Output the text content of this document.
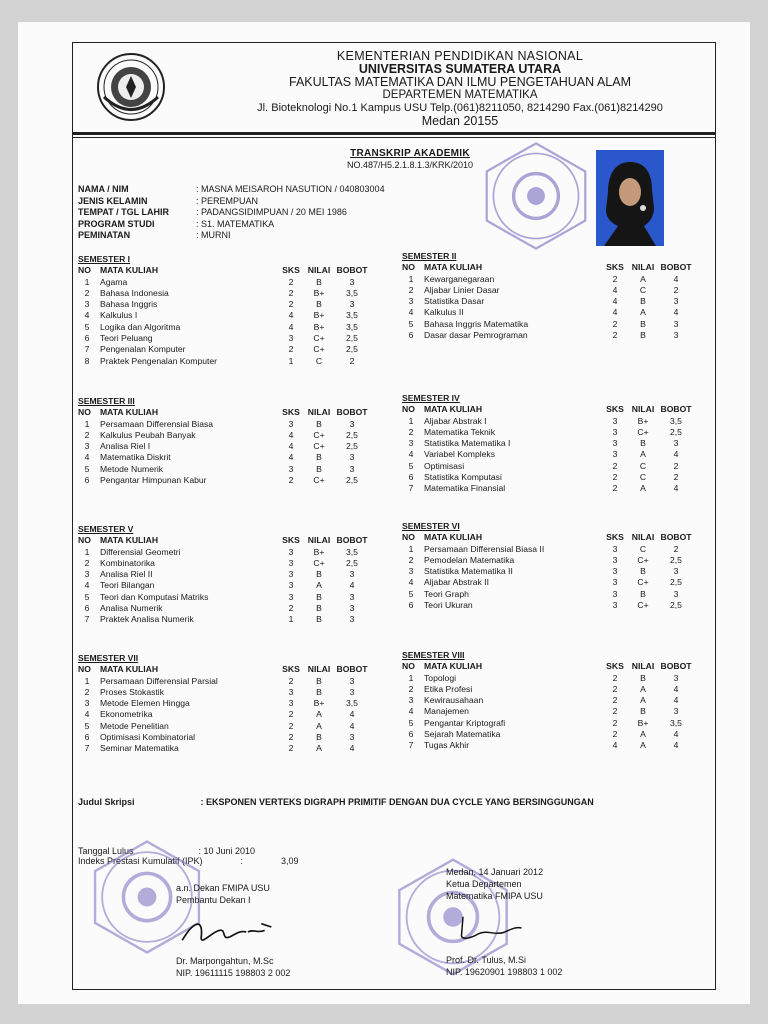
KEMENTERIAN PENDIDIKAN NASIONAL
UNIVERSITAS SUMATERA UTARA
FAKULTAS MATEMATIKA DAN ILMU PENGETAHUAN ALAM
DEPARTEMEN MATEMATIKA
Jl. Bioteknologi No.1 Kampus USU Telp.(061)8211050, 8214290 Fax.(061)8214290
Medan 20155
TRANSKRIP AKADEMIK
NO.487/H5.2.1.8.1.3/KRK/2010
NAMA / NIM	: MASNA MEISAROH NASUTION / 040803004
JENIS KELAMIN	: PEREMPUAN
TEMPAT / TGL LAHIR	: PADANGSIDIMPUAN / 20 MEI 1986
PROGRAM STUDI	: S1. MATEMATIKA
PEMINATAN	: MURNI
SEMESTER I
NO	MATA KULIAH	SKS NILAI BOBOT
1	Agama	2	B	3
2	Bahasa Indonesia	2	B+	3,5
3	Bahasa Inggris	2	B	3
4	Kalkulus I	4	B+	3,5
5	Logika dan Algoritma	4	B+	3,5
6	Teori Peluang	3	C+	2,5
7	Pengenalan Komputer	2	C+	2,5
8	Praktek Pengenalan Komputer	1	C	2
SEMESTER II
NO	MATA KULIAH	SKS NILAI BOBOT
1	Kewarganegaraan	2	A	4
2	Aljabar Linier Dasar	4	C	2
3	Statistika Dasar	4	B	3
4	Kalkulus II	4	A	4
5	Bahasa Inggris Matematika	2	B	3
6	Dasar dasar Pemrograman	2	B	3
SEMESTER III
NO	MATA KULIAH	SKS NILAI BOBOT
1	Persamaan Differensial Biasa	3	B	3
2	Kalkulus Peubah Banyak	4	C+	2,5
3	Analisa Riel I	4	C+	2,5
4	Matematika Diskrit	4	B	3
5	Metode Numerik	3	B	3
6	Pengantar Himpunan Kabur	2	C+	2,5
SEMESTER IV
NO	MATA KULIAH	SKS NILAI BOBOT
1	Aljabar Abstrak I	3	B+	3,5
2	Matematika Teknik	3	C+	2,5
3	Statistika Matematika I	3	B	3
4	Variabel Kompleks	3	A	4
5	Optimisasi	2	C	2
6	Statistika Komputasi	2	C	2
7	Matematika Finansial	2	A	4
SEMESTER V
NO	MATA KULIAH	SKS NILAI BOBOT
1	Differensial Geometri	3	B+	3,5
2	Kombinatorika	3	C+	2,5
3	Analisa Riel II	3	B	3
4	Teori Bilangan	3	A	4
5	Teori dan Komputasi Matriks	3	B	3
6	Analisa Numerik	2	B	3
7	Praktek Analisa Numerik	1	B	3
SEMESTER VI
NO	MATA KULIAH	SKS NILAI BOBOT
1	Persamaan Differensial Biasa II	3	C	2
2	Pemodelan Matematika	3	C+	2,5
3	Statistika Matematika II	3	B	3
4	Aljabar Abstrak II	3	C+	2,5
5	Teori Graph	3	B	3
6	Teori Ukuran	3	C+	2,5
SEMESTER VII
NO	MATA KULIAH	SKS NILAI BOBOT
1	Persamaan Differensial Parsial	2	B	3
2	Proses Stokastik	3	B	3
3	Metode Elemen Hingga	3	B+	3,5
4	Ekonometrika	2	A	4
5	Metode Penelitian	2	A	4
6	Optimisasi Kombinatorial	2	B	3
7	Seminar Matematika	2	A	4
SEMESTER VIII
NO	MATA KULIAH	SKS NILAI BOBOT
1	Topologi	2	B	3
2	Etika Profesi	2	A	4
3	Kewirausahaan	2	A	4
4	Manajemen	2	B	3
5	Pengantar Kriptografi	2	B+	3,5
6	Sejarah Matematika	2	A	4
7	Tugas Akhir	4	A	4
Judul Skripsi	: EKSPONEN VERTEKS DIGRAPH PRIMITIF DENGAN DUA CYCLE YANG BERSINGGUNGAN
Tanggal Lulus	: 10 Juni 2010
Indeks Prestasi Kumulatif (IPK)	:	3,09
a.n. Dekan FMIPA USU
Pembantu Dekan I
Dr. Marpongahtun, M.Sc
NIP. 19611115 198803 2 002
Medan, 14 Januari 2012
Ketua Departemen
Matematika FMIPA USU
Prof. Dr. Tulus, M.Si
NIP. 19620901 198803 1 002
